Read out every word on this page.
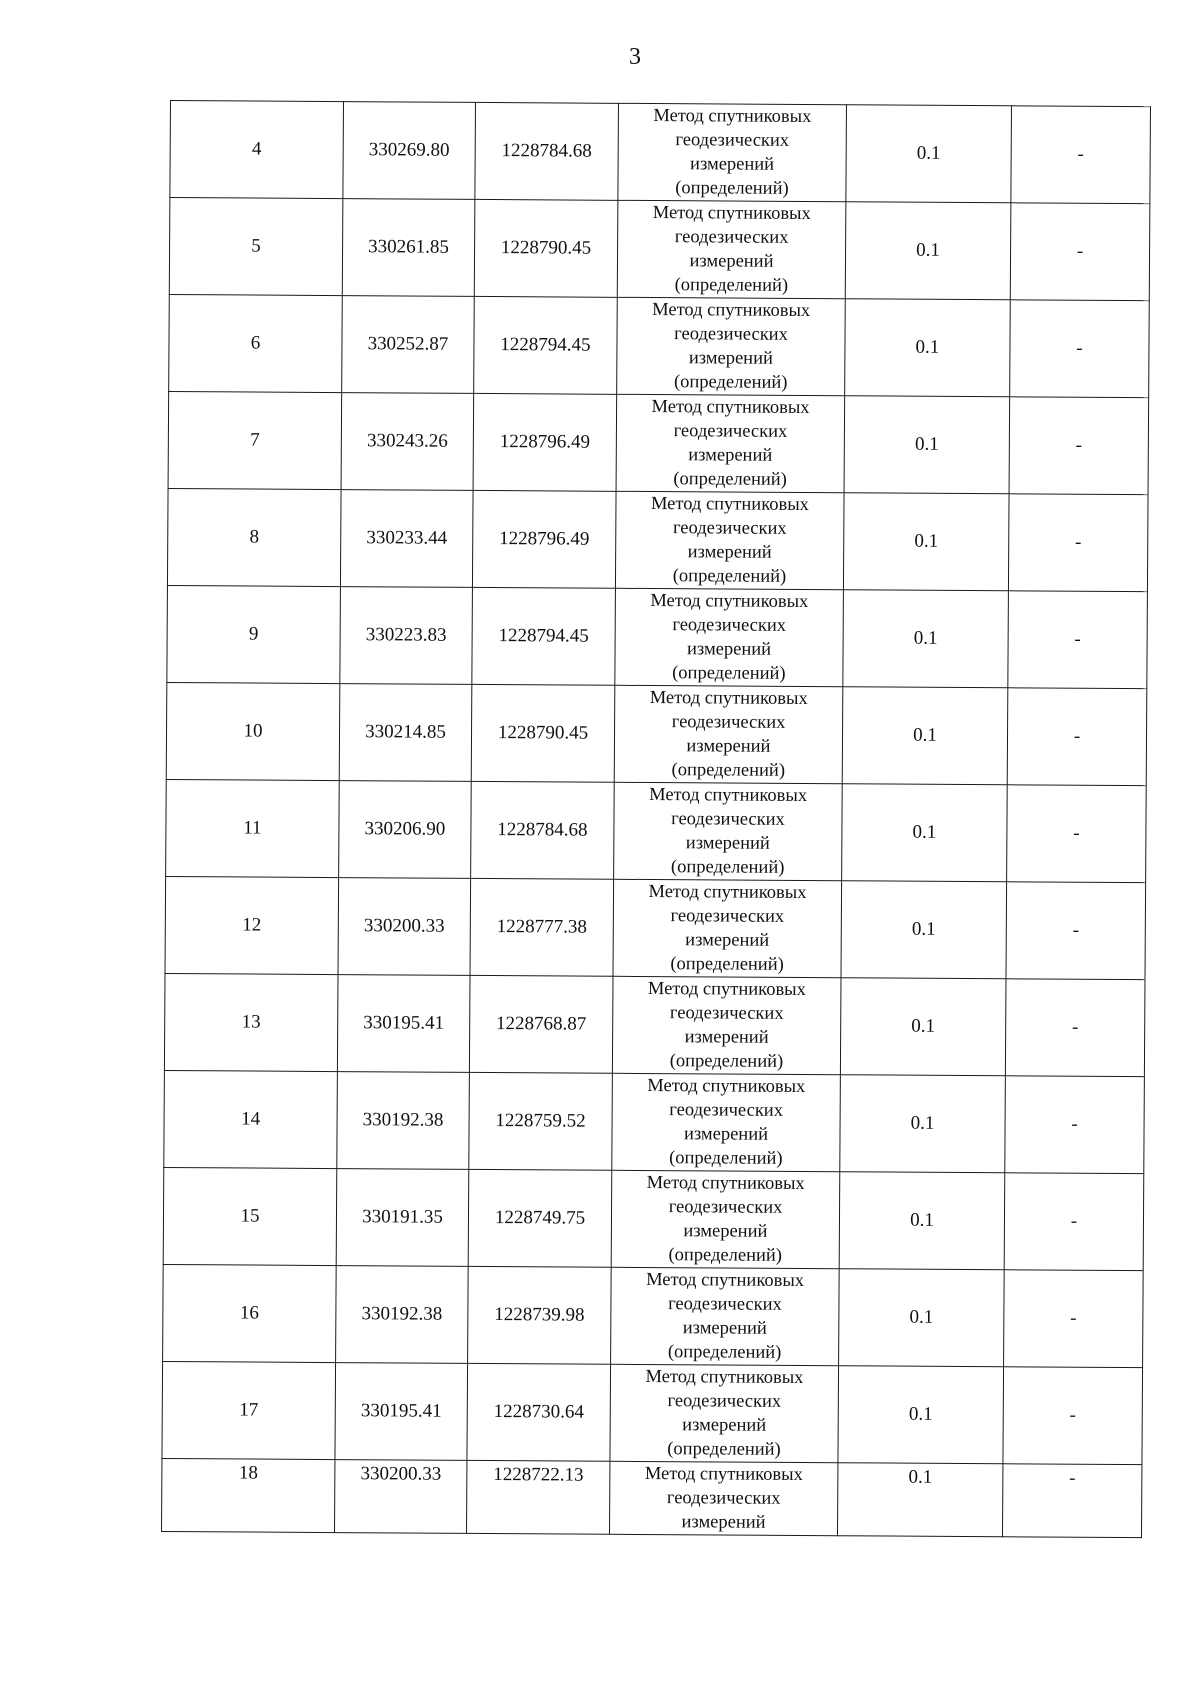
3
4	330269.80	1228784.68	Метод спутниковых
геодезических
измерений
(определений)	0.1	-
5	330261.85	1228790.45	Метод спутниковых
геодезических
измерений
(определений)	0.1	-
6	330252.87	1228794.45	Метод спутниковых
геодезических
измерений
(определений)	0.1	-
7	330243.26	1228796.49	Метод спутниковых
геодезических
измерений
(определений)	0.1	-
8	330233.44	1228796.49	Метод спутниковых
геодезических
измерений
(определений)	0.1	-
9	330223.83	1228794.45	Метод спутниковых
геодезических
измерений
(определений)	0.1	-
10	330214.85	1228790.45	Метод спутниковых
геодезических
измерений
(определений)	0.1	-
11	330206.90	1228784.68	Метод спутниковых
геодезических
измерений
(определений)	0.1	-
12	330200.33	1228777.38	Метод спутниковых
геодезических
измерений
(определений)	0.1	-
13	330195.41	1228768.87	Метод спутниковых
геодезических
измерений
(определений)	0.1	-
14	330192.38	1228759.52	Метод спутниковых
геодезических
измерений
(определений)	0.1	-
15	330191.35	1228749.75	Метод спутниковых
геодезических
измерений
(определений)	0.1	-
16	330192.38	1228739.98	Метод спутниковых
геодезических
измерений
(определений)	0.1	-
17	330195.41	1228730.64	Метод спутниковых
геодезических
измерений
(определений)	0.1	-
18	330200.33	1228722.13	Метод спутниковых
геодезических
измерений	0.1	-
